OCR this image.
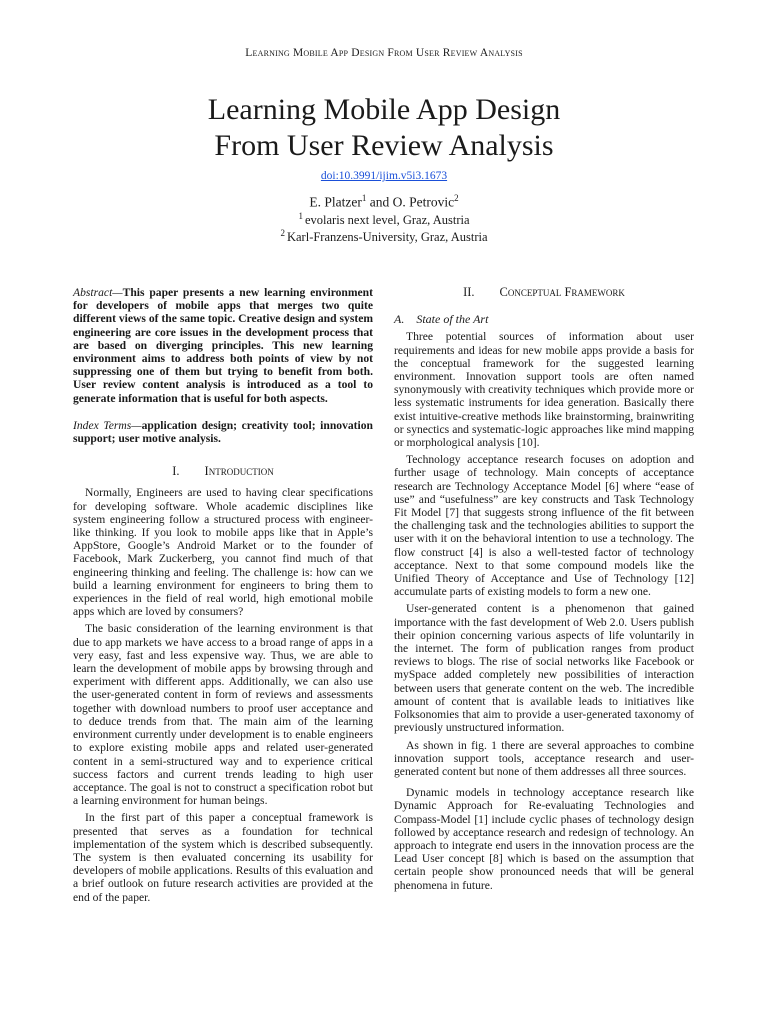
Learning Mobile App Design From User Review Analysis
Learning Mobile App Design
From User Review Analysis
doi:10.3991/ijim.v5i3.1673
E. Platzer$^1$ and O. Petrovic$^2$
$^1$ evolaris next level, Graz, Austria
$^2$ Karl-Franzens-University, Graz, Austria

Abstract—This paper presents a new learning environment for developers of mobile apps that merges two quite different views of the same topic. Creative design and system engineering are core issues in the development process that are based on diverging principles. This new learning environment aims to address both points of view by not suppressing one of them but trying to benefit from both. User review content analysis is introduced as a tool to generate information that is useful for both aspects.

Index Terms—application design; creativity tool; innovation support; user motive analysis.

I.  Introduction

Normally, Engineers are used to having clear specifications for developing software. Whole academic disciplines like system engineering follow a structured process with engineer-like thinking. If you look to mobile apps like that in Apple’s AppStore, Google’s Android Market or to the founder of Facebook, Mark Zuckerberg, you cannot find much of that engineering thinking and feeling. The challenge is: how can we build a learning environment for engineers to bring them to experiences in the field of real world, high emotional mobile apps which are loved by consumers?

The basic consideration of the learning environment is that due to app markets we have access to a broad range of apps in a very easy, fast and less expensive way. Thus, we are able to learn the development of mobile apps by browsing through and experiment with different apps. Additionally, we can also use the user-generated content in form of reviews and assessments together with download numbers to proof user acceptance and to deduce trends from that. The main aim of the learning environment currently under development is to enable engineers to explore existing mobile apps and related user-generated content in a semi-structured way and to experience critical success factors and current trends leading to high user acceptance. The goal is not to construct a specification robot but a learning environment for human beings.

In the first part of this paper a conceptual framework is presented that serves as a foundation for technical implementation of the system which is described subsequently. The system is then evaluated concerning its usability for developers of mobile applications. Results of this evaluation and a brief outlook on future research activities are provided at the end of the paper.

II.  Conceptual Framework

A. State of the Art

Three potential sources of information about user requirements and ideas for new mobile apps provide a basis for the conceptual framework for the suggested learning environment. Innovation support tools are often named synonymously with creativity techniques which provide more or less systematic instruments for idea generation. Basically there exist intuitive-creative methods like brainstorming, brainwriting or synectics and systematic-logic approaches like mind mapping or morphological analysis [10].

Technology acceptance research focuses on adoption and further usage of technology. Main concepts of acceptance research are Technology Acceptance Model [6] where “ease of use” and “usefulness” are key constructs and Task Technology Fit Model [7] that suggests strong influence of the fit between the challenging task and the technologies abilities to support the user with it on the behavioral intention to use a technology. The flow construct [4] is also a well-tested factor of technology acceptance. Next to that some compound models like the Unified Theory of Acceptance and Use of Technology [12] accumulate parts of existing models to form a new one.

User-generated content is a phenomenon that gained importance with the fast development of Web 2.0. Users publish their opinion concerning various aspects of life voluntarily in the internet. The form of publication ranges from product reviews to blogs. The rise of social networks like Facebook or mySpace added completely new possibilities of interaction between users that generate content on the web. The incredible amount of content that is available leads to initiatives like Folksonomies that aim to provide a user-generated taxonomy of previously unstructured information.

As shown in fig. 1 there are several approaches to combine innovation support tools, acceptance research and user-generated content but none of them addresses all three sources.

Dynamic models in technology acceptance research like Dynamic Approach for Re-evaluating Technologies and Compass-Model [1] include cyclic phases of technology design followed by acceptance research and redesign of technology. An approach to integrate end users in the innovation process are the Lead User concept [8] which is based on the assumption that certain people show pronounced needs that will be general phenomena in future.
